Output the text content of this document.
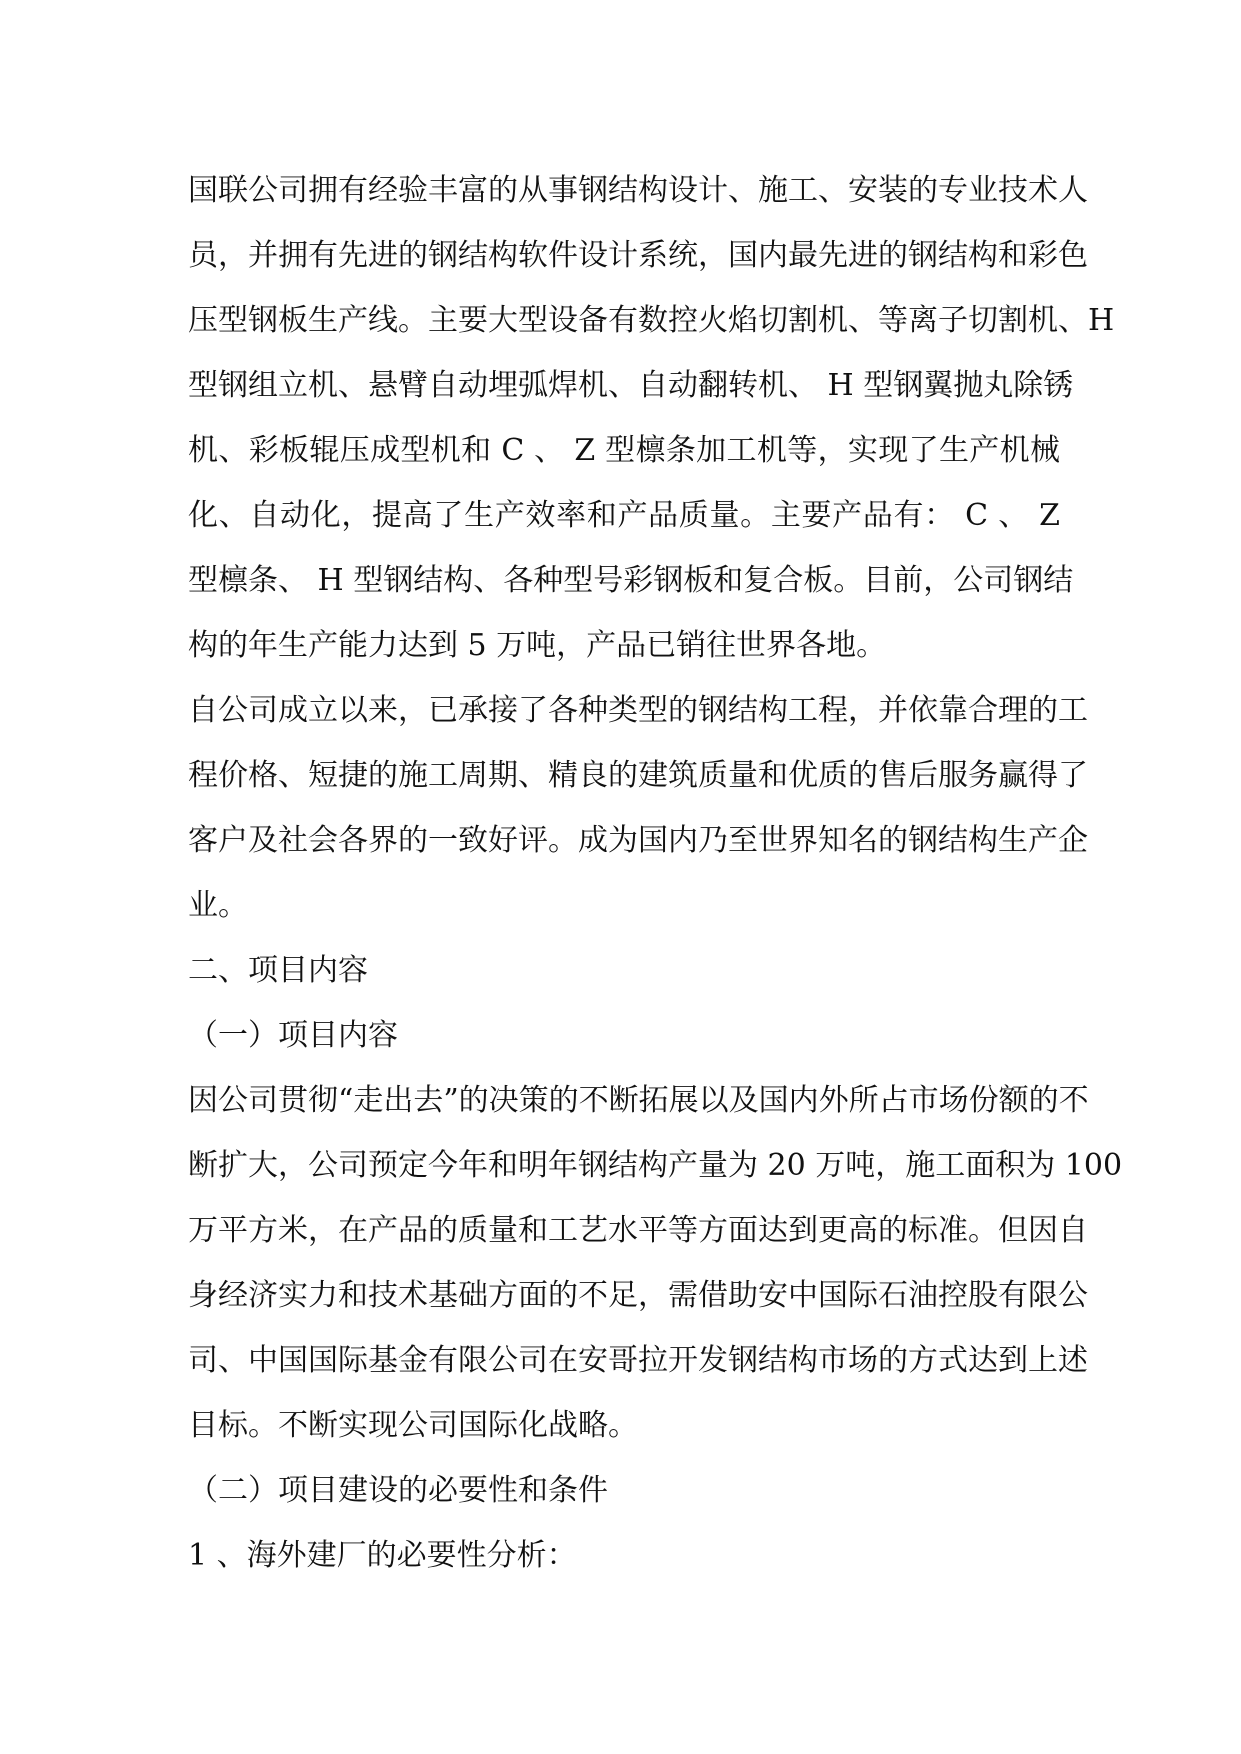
国联公司拥有经验丰富的从事钢结构设计、施工、安装的专业技术人
员，并拥有先进的钢结构软件设计系统，国内最先进的钢结构和彩色
压型钢板生产线。主要大型设备有数控火焰切割机、等离子切割机、H
型钢组立机、悬臂自动埋弧焊机、自动翻转机、 H 型钢翼抛丸除锈
机、彩板辊压成型机和 C 、 Z 型檩条加工机等，实现了生产机械
化、自动化，提高了生产效率和产品质量。主要产品有： C 、 Z
型檩条、 H 型钢结构、各种型号彩钢板和复合板。目前，公司钢结
构的年生产能力达到 5 万吨，产品已销往世界各地。
自公司成立以来，已承接了各种类型的钢结构工程，并依靠合理的工
程价格、短捷的施工周期、精良的建筑质量和优质的售后服务赢得了
客户及社会各界的一致好评。成为国内乃至世界知名的钢结构生产企
业。
二、项目内容
（一）项目内容
因公司贯彻“走出去”的决策的不断拓展以及国内外所占市场份额的不
断扩大，公司预定今年和明年钢结构产量为 20 万吨，施工面积为 100
万平方米，在产品的质量和工艺水平等方面达到更高的标准。但因自
身经济实力和技术基础方面的不足，需借助安中国际石油控股有限公
司、中国国际基金有限公司在安哥拉开发钢结构市场的方式达到上述
目标。不断实现公司国际化战略。
（二）项目建设的必要性和条件
1 、海外建厂的必要性分析：
